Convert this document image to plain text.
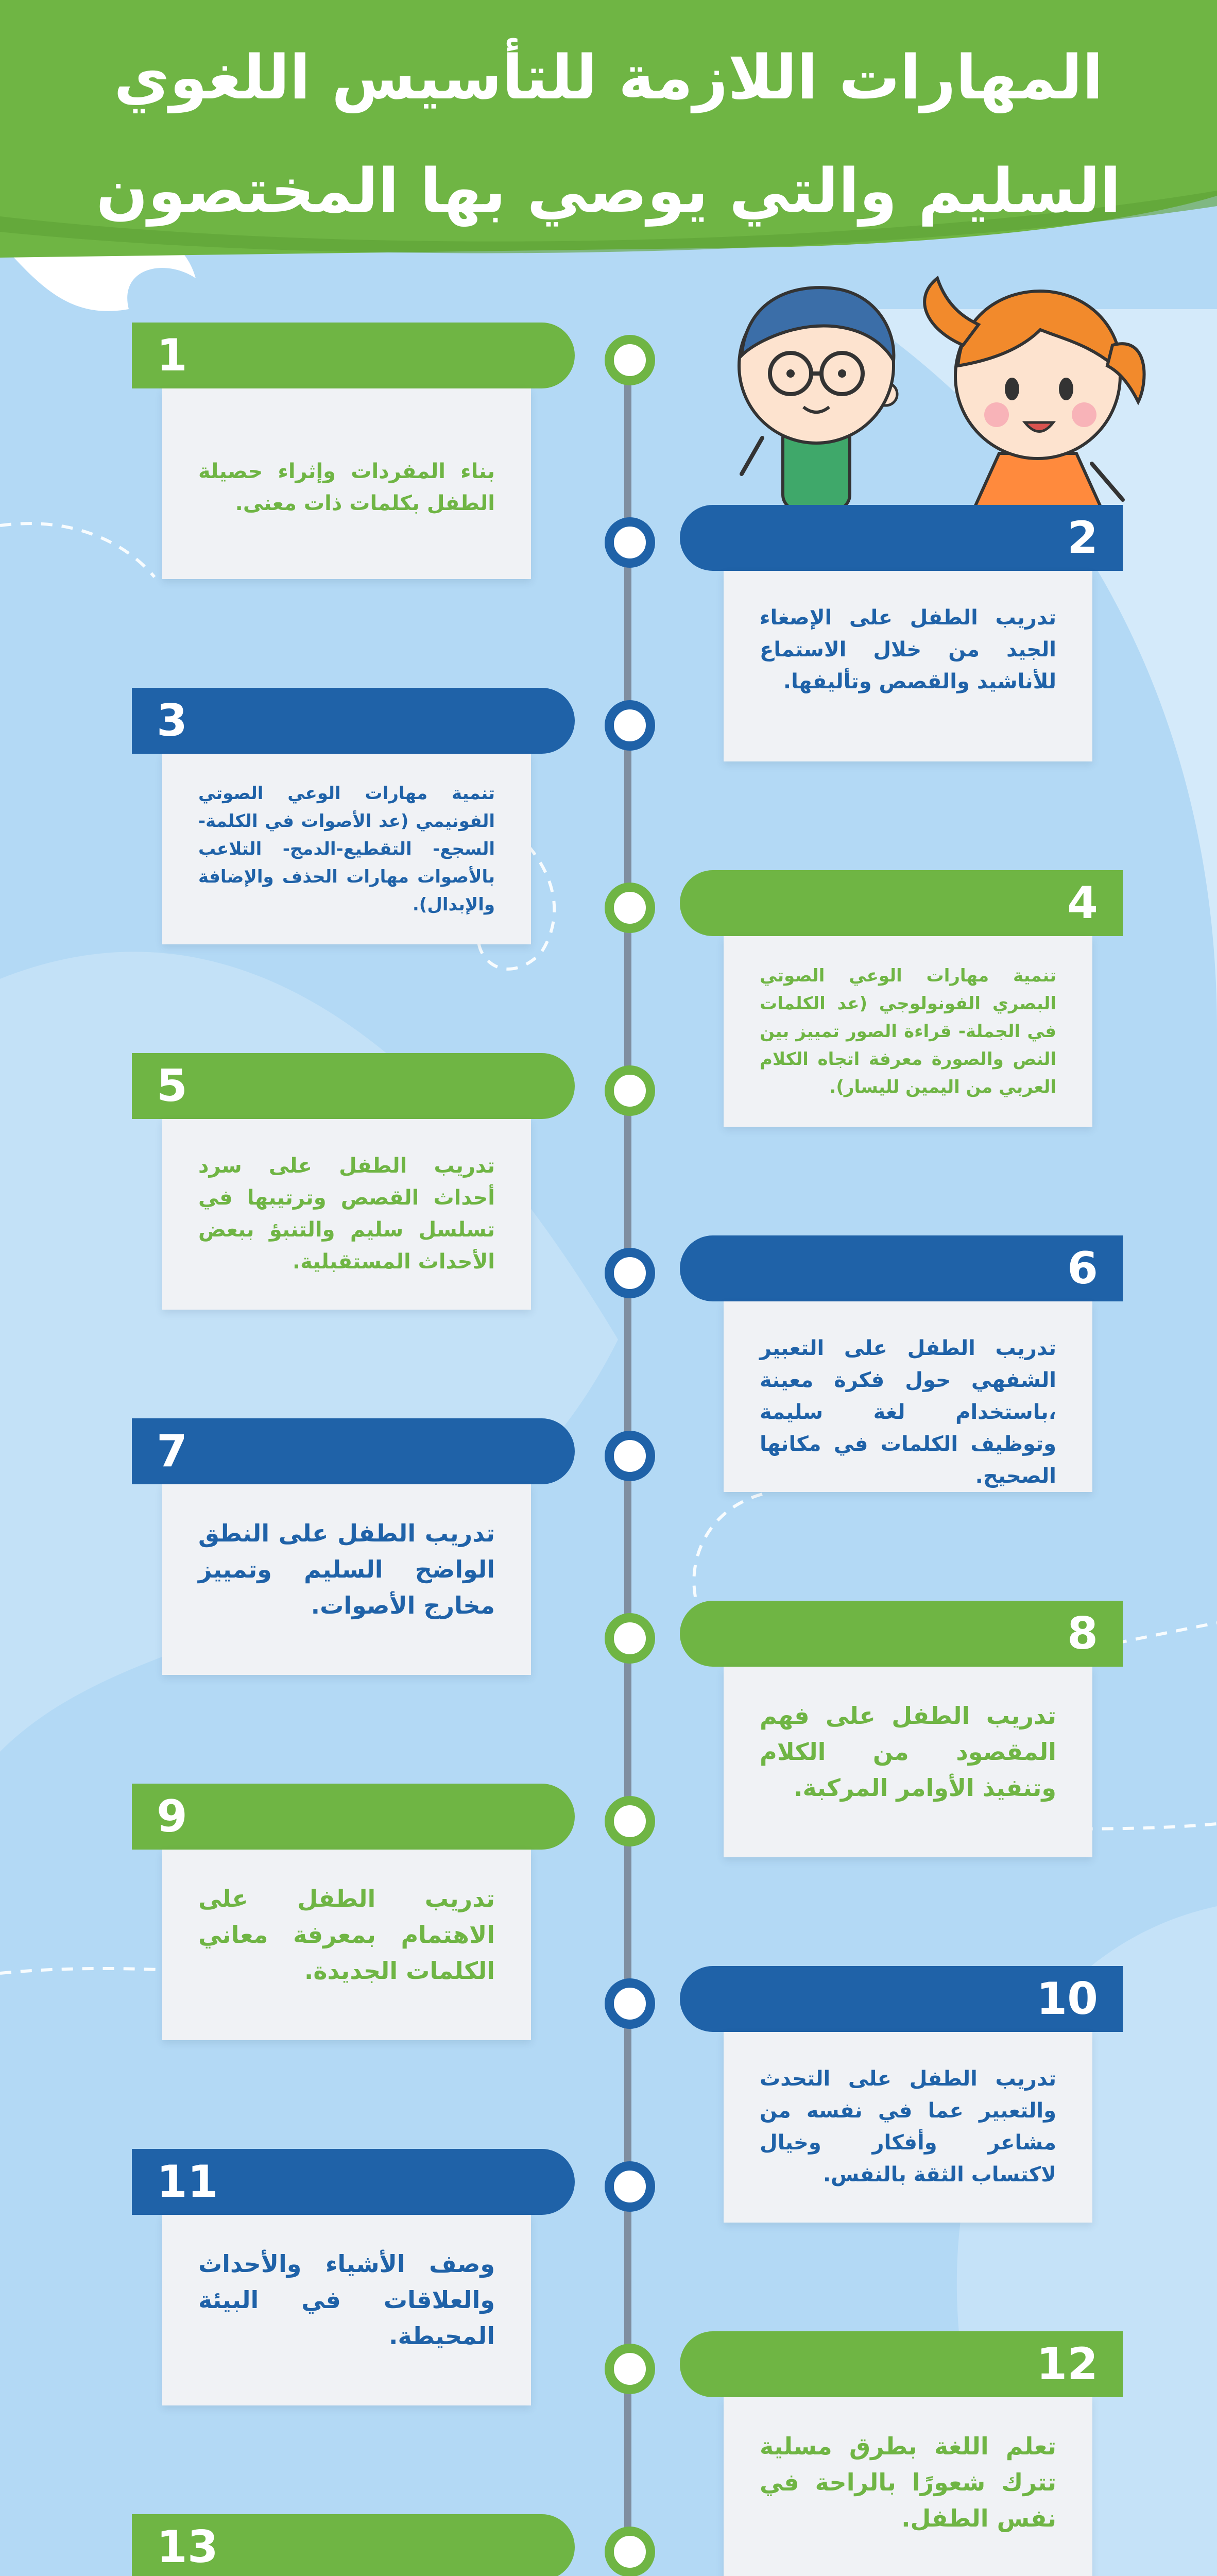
المهارات اللازمة للتأسيس اللغوي
السليم والتي يوصي بها المختصون
1
بناء المفردات وإثراء حصيلة الطفل بكلمات ذات معنى.
2
تدريب الطفل على الإصغاء الجيد من خلال الاستماع للأناشيد والقصص وتأليفها.
3
تنمية مهارات الوعي الصوتي الفونيمي (عد الأصوات في الكلمة-السجع- التقطيع-الدمج- التلاعب بالأصوات مهارات الحذف والإضافة والإبدال).	4
تنمية مهارات الوعي الصوتي البصري الفونولوجي (عد الكلمات في الجملة- قراءة الصور تمييز بين النص والصورة معرفة اتجاه الكلام العربي من اليمين لليسار).
5
تدريب الطفل على سرد أحداث القصص وترتيبها في تسلسل سليم والتنبؤ ببعض الأحداث المستقبلية.	6
تدريب الطفل على التعبير الشفهي حول فكرة معينة ،باستخدام لغة سليمة وتوظيف الكلمات في مكانها الصحيح.
7
تدريب الطفل على النطق الواضح السليم وتمييز مخارج الأصوات.
8
تدريب الطفل على فهم المقصود من الكلام وتنفيذ الأوامر المركبة.
9
تدريب الطفل على الاهتمام بمعرفة معاني الكلمات الجديدة.
10
تدريب الطفل على التحدث والتعبير عما في نفسه من مشاعر وأفكار وخيال لاكتساب الثقة بالنفس.
11
وصف الأشياء والأحداث والعلاقات في البيئة المحيطة.
12
تعلم اللغة بطرق مسلية تترك شعورًا بالراحة في نفس الطفل.
13
